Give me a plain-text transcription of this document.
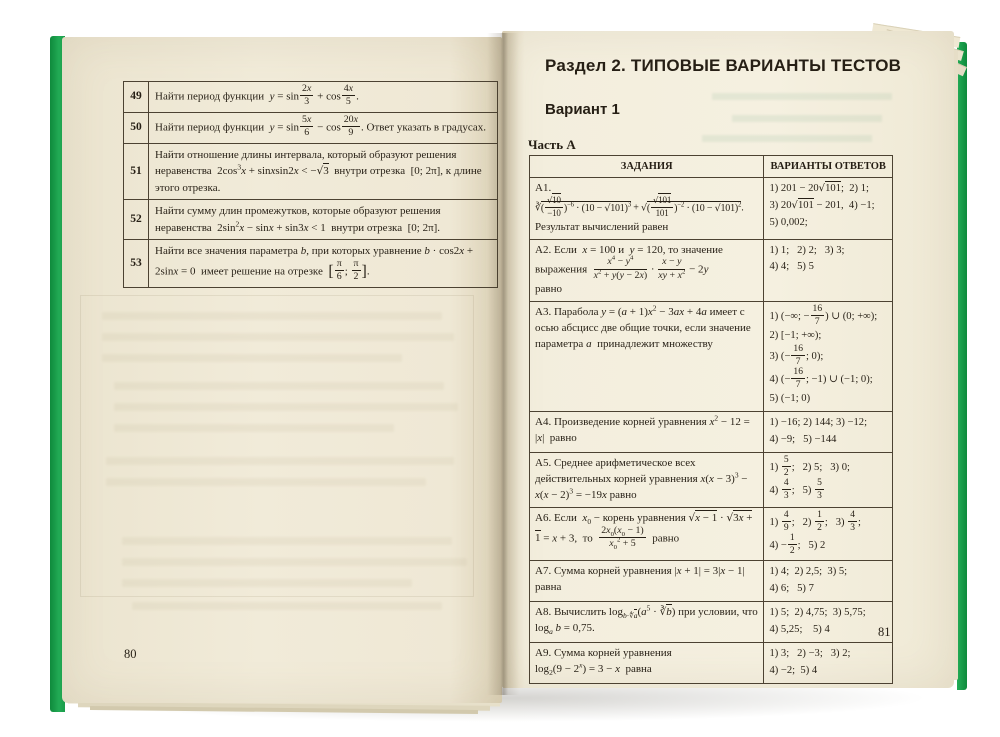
49	Найти период функции  $y = \sin \frac{2x}{3} + \cos \frac{4x}{5}$ .
50	Найти период функции  $y = \sin \frac{5x}{6} - \cos \frac{20x}{9}$ . Ответ указать в градусах.
51	Найти отношение длины интервала, который образуют решения неравенства  $2\cos^3x$ + sinxsin2x < −√3  внутри отрезка  [0; 2π], к длине этого отрезка.
52	Найти сумму длин промежутков, которые образуют решения неравенства  $2\sin^2x - \sin x + \sin 3x < 1$  внутри отрезка  [0; 2π].
53	Найти все значения параметра b, при которых уравнение b · cos2x + 2sinx = 0  имеет решение на отрезке  [ $\frac{\pi}{6}$ ; $\frac{\pi}{2}$ ].
80
Раздел 2. ТИПОВЫЕ ВАРИАНТЫ ТЕСТОВ
Вариант 1
Часть А
ЗАДАНИЯ	ВАРИАНТЫ ОТВЕТОВ
А1.
∛( $\frac{√10}{-10} )^{-6} \cdot (10 - √101)^3$ + √( $\frac{√101}{101} )^{-2} \cdot (10 - √101)^2$.
Результат вычислений равен	1) 201 − 20√101;  2) 1;
3) 20√101 − 201,  4) −1;
5) 0,002;
А2. Если  x = 100 и  y = 120, то значение выражения $\frac{x^4 - y^4}{x^2 + y(y - 2x)} \cdot \frac{x - y}{xy + x^2} - 2y$
равно	1) 1;   2) 2;   3) 3;
4) 4;   5) 5
А3. Парабола $y = (a + 1)x^2 - 3ax + 4a$ имеет с осью абсцисс две общие точки, если значение параметра a  принадлежит множеству	1) (−∞; − $\frac{16}{7}$ ) ∪ (0; +∞);
2) [−1; +∞);
3) (− $\frac{16}{7}$ ; 0);
4) (− $\frac{16}{7}$ ; −1) ∪ (−1; 0);
5) (−1; 0)
А4. Произведение корней уравнения $x^2 - 12 = |x|$  равно	1) −16; 2) 144; 3) −12;
4) −9;   5) −144
А5. Среднее арифметическое всех действительных корней уравнения $x(x - 3)^3 - x(x - 2)^3 = -19x$ равно	$1) \frac{5}{2}$ ;   2) 5;   3) 0;
$4) \frac{4}{3}$ ;   $5) \frac{5}{3}$

А6. Если  $x_0$ − корень уравнения √x − 1 · √3x + 1 = x + 3,  то $\frac{2x_0(x_0 - 1)}{x_0^2 + 5}$ равно	$1) \frac{4}{9}$ ;   $2) \frac{1}{2}$ ;   $3) \frac{4}{3}$ ;
$4) - \frac{1}{2}$ ;   5) 2
А7. Сумма корней уравнения |x + 1| = 3|x − 1|  равна	1) 4;  2) 2,5;  3) 5;
4) 6;   5) 7
А8. Вычислить $\log_{b\cdot∜a}(a^5$ · ∛b) при условии, что $\log_a b = 0,75$.	1) 5;  2) 4,75;  3) 5,75;
4) 5,25;    5) 4
А9. Сумма корней уравнения
$\log_2(9 - 2^x) = 3 - x$  равна	1) 3;   2) −3;   3) 2;
4) −2;  5) 4
81
